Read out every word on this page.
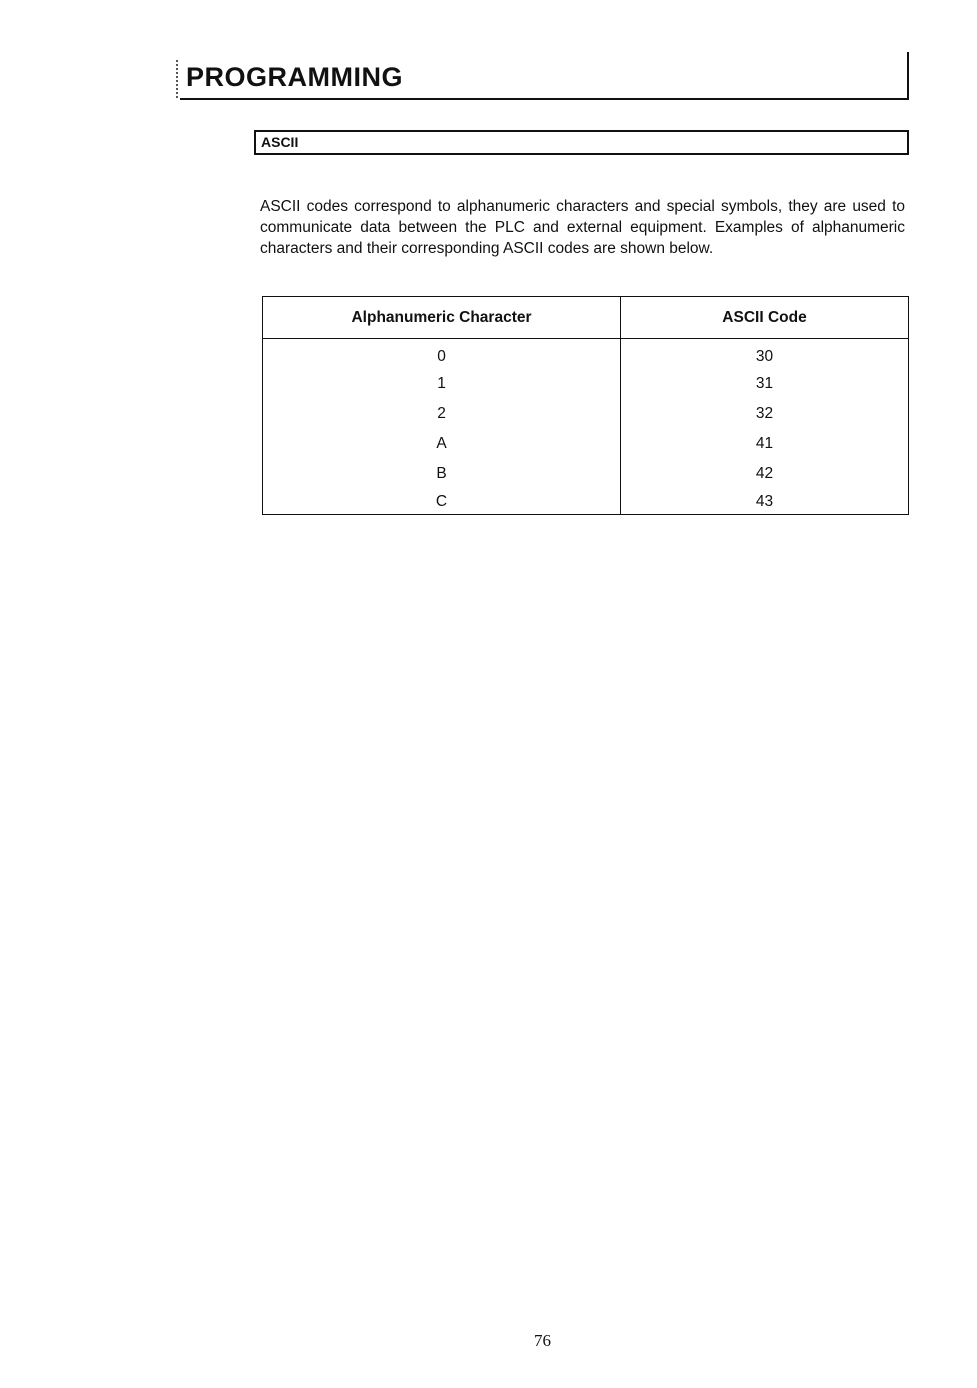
PROGRAMMING
ASCII

ASCII codes correspond to alphanumeric characters and special symbols, they are used to communicate data between the PLC and external equipment. Examples of alphanumeric characters and their corresponding ASCII codes are shown below.

Alphanumeric Character	ASCII Code
0	30
1	31
2	32
A	41
B	42
C	43
76
